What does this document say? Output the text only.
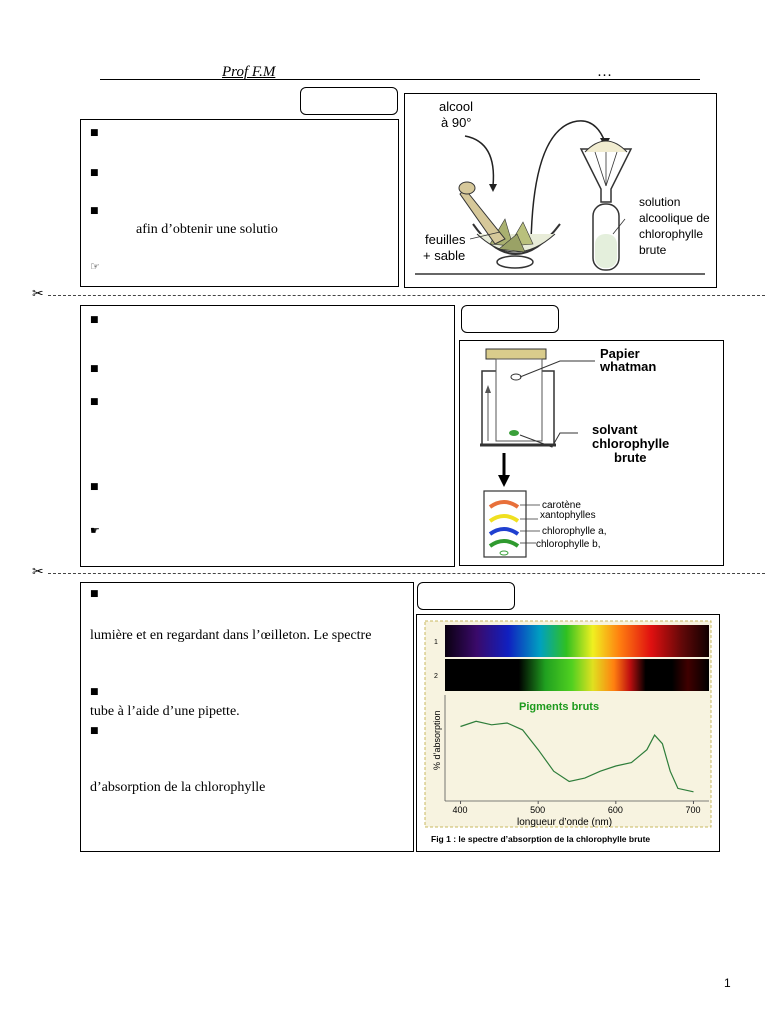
Prof F.M	…
■
■
■
afin d’obtenir une solutio
☞
alcool
à 90°
feuilles
+ sable
solution
alcoolique de
chlorophylle
brute
✂
■
■
■
■
☛
Papier
whatman
solvant
chlorophylle
brute
carotène
xantophylles
chlorophylle a,
chlorophylle b,
✂
■
lumière et en regardant dans l’œilleton. Le spectre
■
tube à l’aide d’une pipette.
■
d’absorption de la chlorophylle
1
2
Pigments bruts
% d’absorption
400	500	600	700
longueur d’onde (nm)
Fig 1 : le spectre d’absorption de la chlorophylle brute
1
